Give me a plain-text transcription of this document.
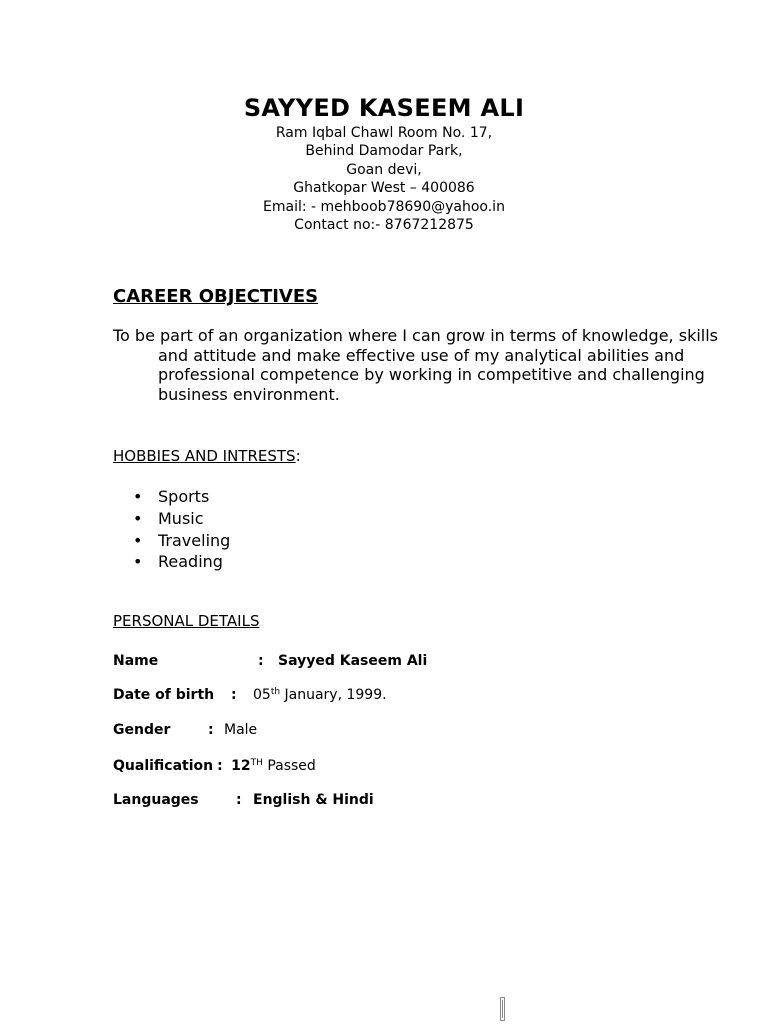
SAYYED KASEEM ALI
Ram Iqbal Chawl Room No. 17,
Behind Damodar Park,
Goan devi,
Ghatkopar West – 400086
Email: - mehboob78690@yahoo.in
Contact no:- 8767212875
CAREER OBJECTIVES
To be part of an organization where I can grow in terms of knowledge, skills and attitude and make effective use of my analytical abilities and professional competence by working in competitive and challenging business environment.
HOBBIES AND INTRESTS:
• Sports
• Music
• Traveling
• Reading
PERSONAL DETAILS
Name	: Sayyed Kaseem Ali
Date of birth : 05th January, 1999.
Gender	: Male
Qualification : 12TH Passed
Languages	: English & Hindi
